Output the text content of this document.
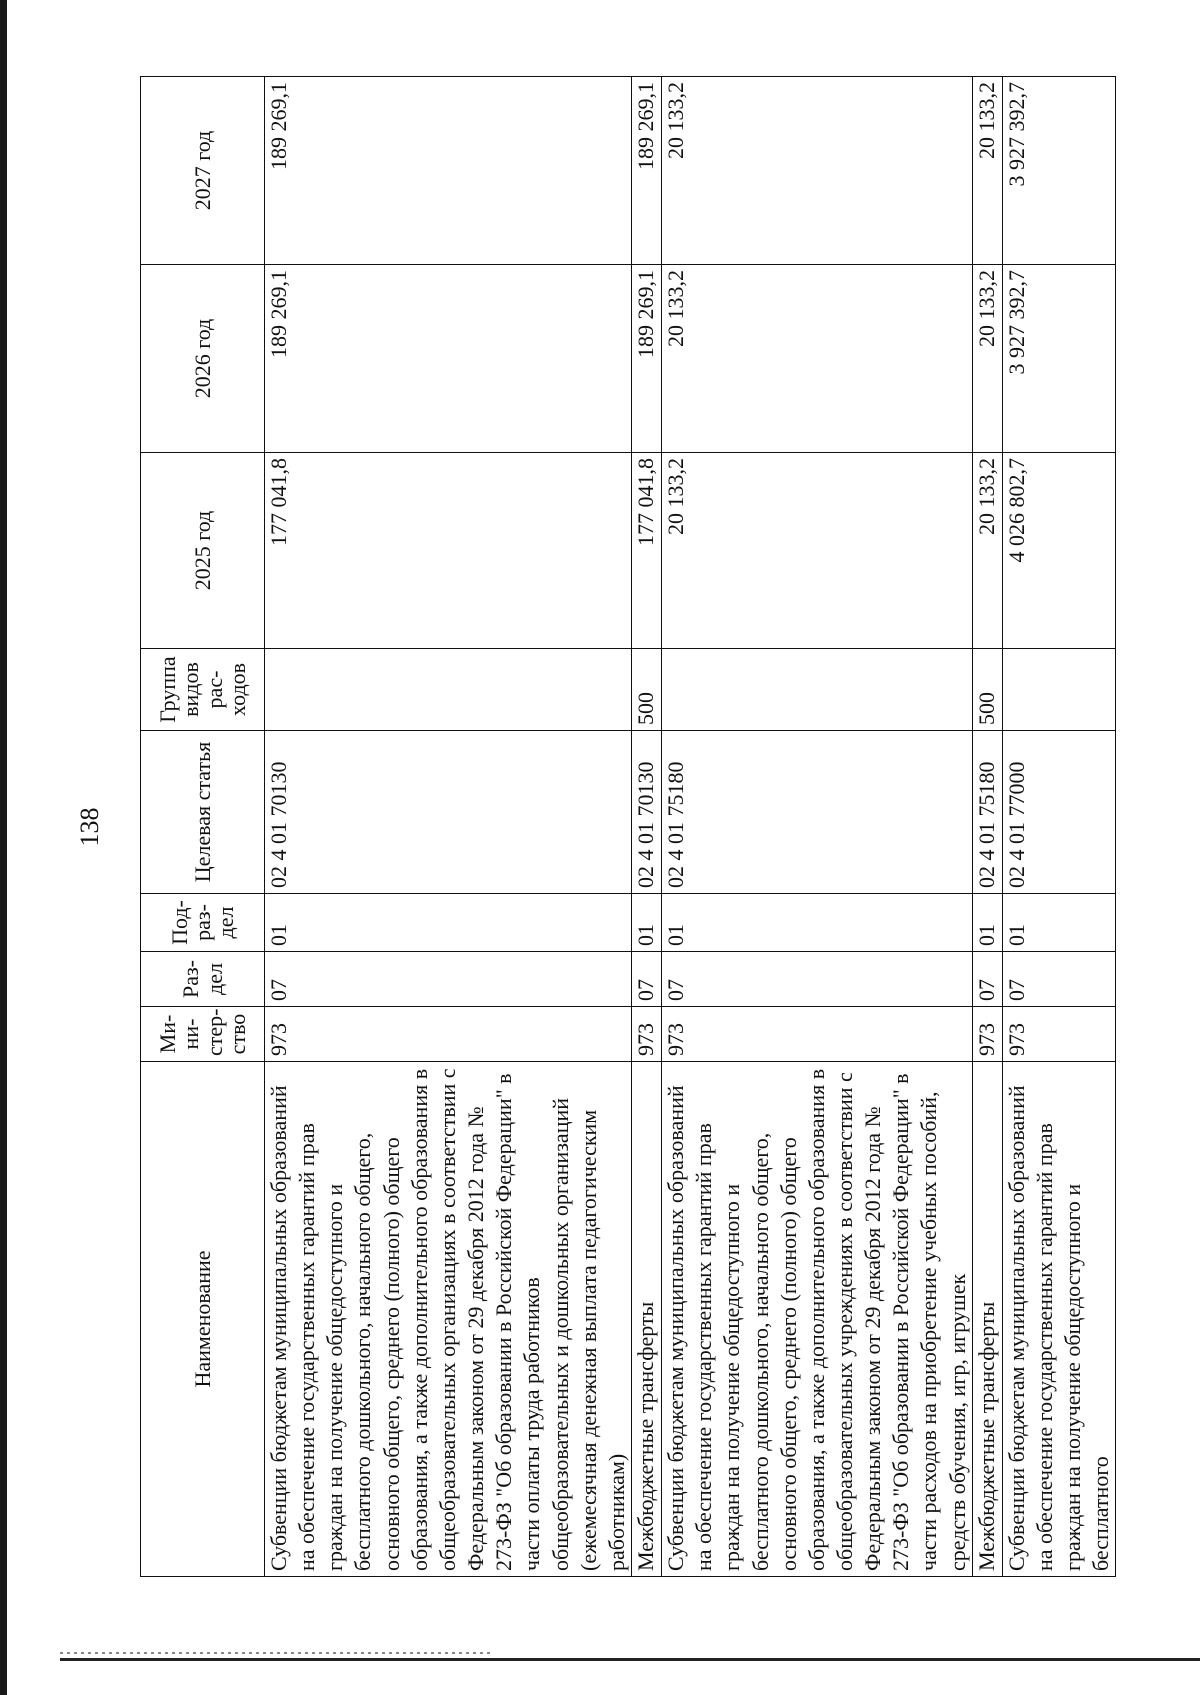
138
Наименование	Ми-ни-стер-ство	Раз-дел	Под-раз-дел	Целевая статья	Группа видов рас-ходов	2025 год	2026 год	2027 год
Субвенции бюджетам муниципальных образований на обеспечение государственных гарантий прав граждан на получение общедоступного и бесплатного дошкольного, начального общего, основного общего, среднего (полного) общего образования, а также дополнительного образования в общеобразовательных организациях в соответствии с Федеральным законом от 29 декабря 2012 года № 273-ФЗ "Об образовании в Российской Федерации" в части оплаты труда работников общеобразовательных и дошкольных организаций (ежемесячная денежная выплата педагогическим работникам)	973	07	01	02 4 01 70130		177 041,8	189 269,1	189 269,1
Межбюджетные трансферты	973	07	01	02 4 01 70130	500	177 041,8	189 269,1	189 269,1
Субвенции бюджетам муниципальных образований на обеспечение государственных гарантий прав граждан на получение общедоступного и бесплатного дошкольного, начального общего, основного общего, среднего (полного) общего образования, а также дополнительного образования в общеобразовательных учреждениях в соответствии с Федеральным законом от 29 декабря 2012 года № 273-ФЗ "Об образовании в Российской Федерации" в части расходов на приобретение учебных пособий, средств обучения, игр, игрушек	973	07	01	02 4 01 75180		20 133,2	20 133,2	20 133,2
Межбюджетные трансферты	973	07	01	02 4 01 75180	500	20 133,2	20 133,2	20 133,2
Субвенции бюджетам муниципальных образований на обеспечение государственных гарантий прав граждан на получение общедоступного и бесплатного	973	07	01	02 4 01 77000		4 026 802,7	3 927 392,7	3 927 392,7
